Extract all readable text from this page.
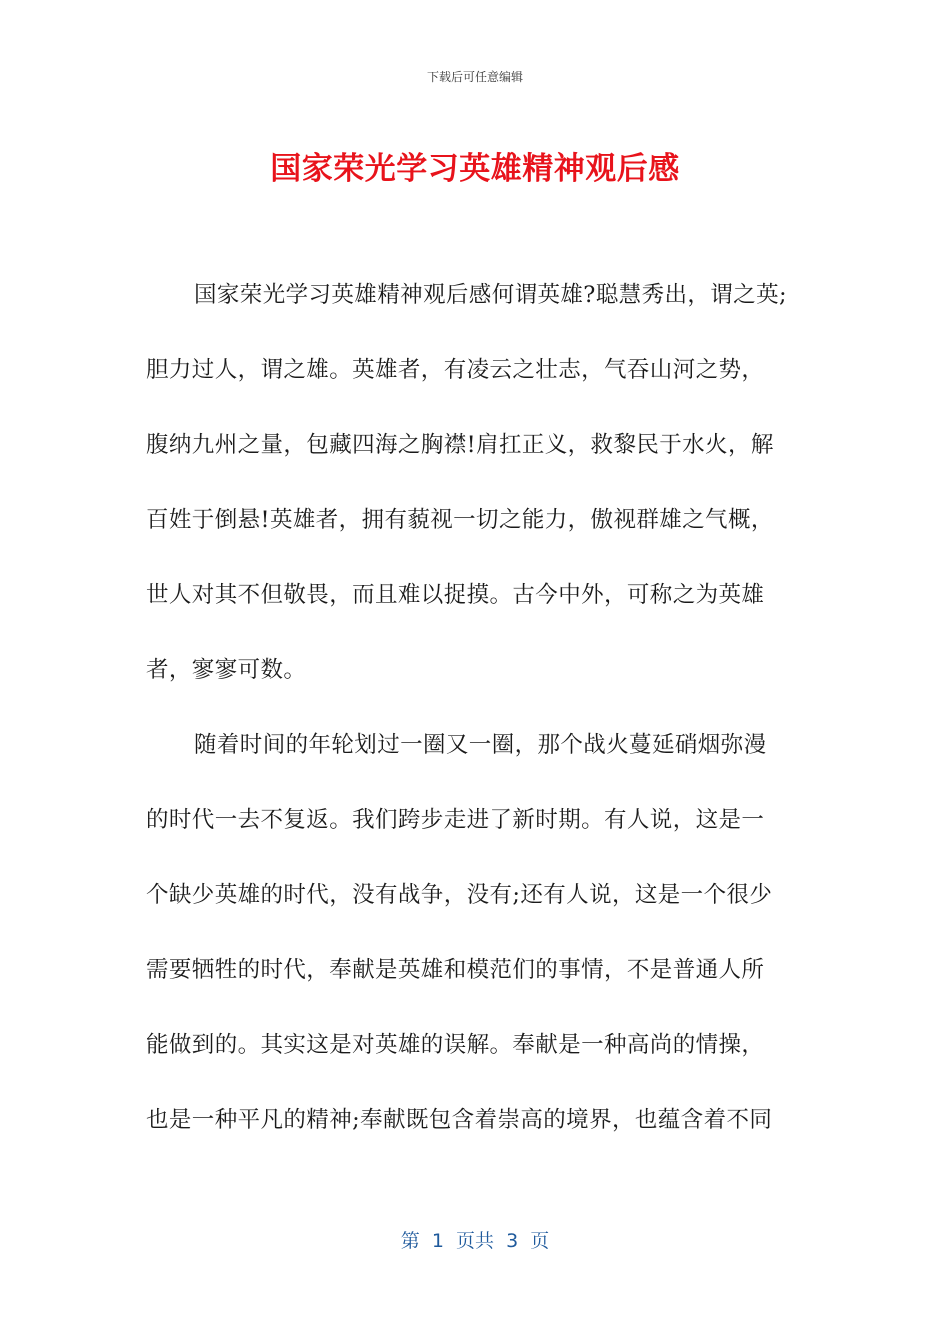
下载后可任意编辑
国家荣光学习英雄精神观后感
国家荣光学习英雄精神观后感何谓英雄?聪慧秀出，谓之英;
胆力过人，谓之雄。英雄者，有凌云之壮志，气吞山河之势，
腹纳九州之量，包藏四海之胸襟!肩扛正义，救黎民于水火，解
百姓于倒悬!英雄者，拥有藐视一切之能力，傲视群雄之气概，
世人对其不但敬畏，而且难以捉摸。古今中外，可称之为英雄
者，寥寥可数。
随着时间的年轮划过一圈又一圈，那个战火蔓延硝烟弥漫
的时代一去不复返。我们跨步走进了新时期。有人说，这是一
个缺少英雄的时代，没有战争，没有;还有人说，这是一个很少
需要牺牲的时代，奉献是英雄和模范们的事情，不是普通人所
能做到的。其实这是对英雄的误解。奉献是一种高尚的情操，
也是一种平凡的精神;奉献既包含着崇高的境界，也蕴含着不同
第  1  页共  3  页
